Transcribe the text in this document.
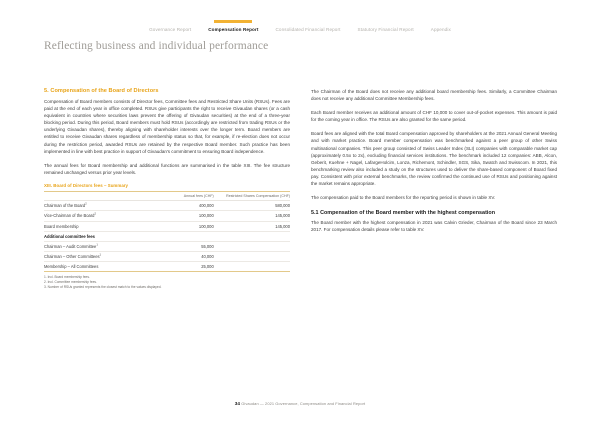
Governance Report	Compensation Report	Consolidated Financial Report	Statutory Financial Report	Appendix
Reflecting business and individual performance
5. Compensation of the Board of Directors

Compensation of Board members consists of Director fees, Committee fees and Restricted Share Units (RSUs). Fees are paid at the end of each year in office completed. RSUs give participants the right to receive Givaudan shares (or a cash equivalent in countries where securities laws prevent the offering of Givaudan securities) at the end of a three-year blocking period. During this period, Board members must hold RSUs (accordingly are restricted from trading RSUs or the underlying Givaudan shares), thereby aligning with shareholder interests over the longer term. Board members are entitled to receive Givaudan shares regardless of membership status so that, for example, if re-election does not occur during the restriction period, awarded RSUs are retained by the respective Board member. Such practice has been implemented in line with best practice in support of Givaudan's commitment to ensuring Board independence.

The annual fees for Board membership and additional functions are summarised in the table XIII. The fee structure remained unchanged versus prior year levels.

XIII. Board of Directors fees – Summary
	Annual fees (CHF)	Restricted Shares Compensation (CHF)
Chairman of the Board$^2$	400,000	580,000
Vice-Chairman of the Board$^2$	100,000	145,000
Board membership	100,000	145,000
Additional committee fees		
Chairman – Audit Committee$^1$	55,000	
Chairman – Other Committees$^1$	40,000	
Membership – All Committees	25,000	
1. Incl. Board membership fees.
2. Incl. Committee membership fees.
3. Number of RSUs granted represents the closest match to the values displayed.

The Chairman of the Board does not receive any additional board membership fees. Similarly, a Committee Chairman does not receive any additional Committee Membership fees.

Each Board member receives an additional amount of CHF 10,000 to cover out-of-pocket expenses. This amount is paid for the coming year in office. The RSUs are also granted for the same period.

Board fees are aligned with the total Board compensation approved by shareholders at the 2021 Annual General Meeting and with market practice. Board member compensation was benchmarked against a peer group of other Swiss multinational companies. This peer group consisted of Swiss Leader Index (SLI) companies with comparable market cap (approximately 0.5x to 2x), excluding financial services institutions. The benchmark included 12 companies: ABB, Alcon, Geberit, Kuehne + Nagel, LafargeHolcim, Lonza, Richemont, Schindler, SGS, Sika, Swatch and Swisscom. In 2021, this benchmarking review also included a study on the structures used to deliver the share-based component of Board fixed pay. Consistent with prior external benchmarks, the review confirmed the continued use of RSUs and positioning against the market remains appropriate.

The compensation paid to the Board members for the reporting period is shown in table XV.

5.1 Compensation of the Board member with the highest compensation

The Board member with the highest compensation in 2021 was Calvin Grieder, Chairman of the Board since 23 March 2017. For compensation details please refer to table XV.

34 Givaudan — 2021 Governance, Compensation and Financial Report
